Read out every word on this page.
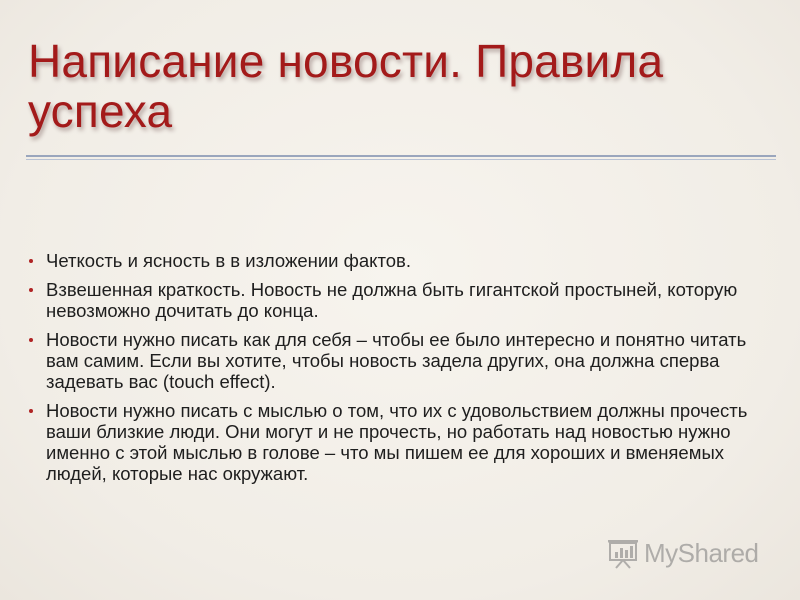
Написание новости. Правила успеха
Четкость и ясность в в изложении фактов.
Взвешенная краткость. Новость не должна быть гигантской простыней, которую невозможно дочитать до конца.
Новости нужно писать как для себя – чтобы ее было интересно и понятно читать вам самим. Если вы хотите, чтобы новость задела других, она должна сперва задевать вас (touch effect).
Новости нужно писать с мыслью о том, что их с удовольствием должны прочесть ваши близкие люди. Они могут и не прочесть, но работать над новостью нужно именно с этой мыслью в голове – что мы пишем ее для хороших и вменяемых людей, которые нас окружают.
MyShared
